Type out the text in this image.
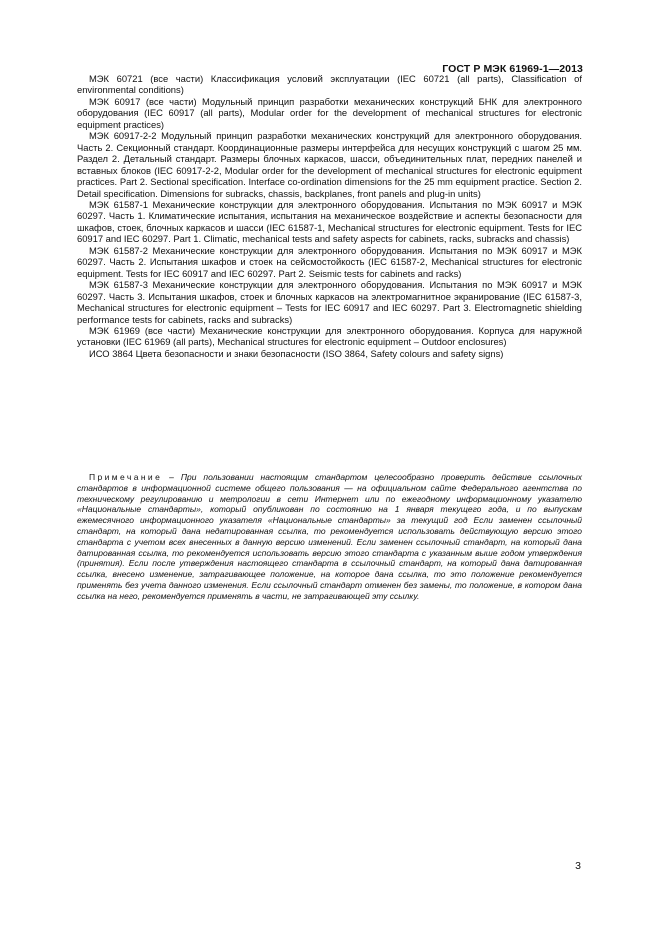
ГОСТ Р МЭК 61969-1—2013

МЭК 60721 (все части) Классификация условий эксплуатации (IEC 60721 (all parts), Classification of environmental conditions)

МЭК 60917 (все части) Модульный принцип разработки механических конструкций БНК для электронного оборудования (IEC 60917 (all parts), Modular order for the development of mechanical structures for electronic equipment practices)

МЭК 60917-2-2 Модульный принцип разработки механических конструкций для электронного оборудования. Часть 2. Секционный стандарт. Координационные размеры интерфейса для несущих конструкций с шагом 25 мм. Раздел 2. Детальный стандарт. Размеры блочных каркасов, шасси, объединительных плат, передних панелей и вставных блоков (IEC 60917-2-2, Modular order for the development of mechanical structures for electronic equipment practices. Part 2. Sectional specification. Interface co-ordination dimensions for the 25 mm equipment practice. Section 2. Detail specification. Dimensions for subracks, chassis, backplanes, front panels and plug-in units)

МЭК 61587-1 Механические конструкции для электронного оборудования. Испытания по МЭК 60917 и МЭК 60297. Часть 1. Климатические испытания, испытания на механическое воздействие и аспекты безопасности для шкафов, стоек, блочных каркасов и шасси (IEC 61587-1, Mechanical structures for electronic equipment. Tests for IEC 60917 and IEC 60297. Part 1. Climatic, mechanical tests and safety aspects for cabinets, racks, subracks and chassis)

МЭК 61587-2 Механические конструкции для электронного оборудования. Испытания по МЭК 60917 и МЭК 60297. Часть 2. Испытания шкафов и стоек на сейсмостойкость (IEC 61587-2, Mechanical structures for electronic equipment. Tests for IEC 60917 and IEC 60297. Part 2. Seismic tests for cabinets and racks)

МЭК 61587-3 Механические конструкции для электронного оборудования. Испытания по МЭК 60917 и МЭК 60297. Часть 3. Испытания шкафов, стоек и блочных каркасов на электромагнитное экранирование (IEC 61587-3, Mechanical structures for electronic equipment – Tests for IEC 60917 and IEC 60297. Part 3. Electromagnetic shielding performance tests for cabinets, racks and subracks)

МЭК 61969 (все части) Механические конструкции для электронного оборудования. Корпуса для наружной установки (IEC 61969 (all parts), Mechanical structures for electronic equipment – Outdoor enclosures)

ИСО 3864 Цвета безопасности и знаки безопасности (ISO 3864, Safety colours and safety signs)

Примечание – При пользовании настоящим стандартом целесообразно проверить действие ссылочных стандартов в информационной системе общего пользования — на официальном сайте Федерального агентства по техническому регулированию и метрологии в сети Интернет или по ежегодному информационному указателю «Национальные стандарты», который опубликован по состоянию на 1 января текущего года, и по выпускам ежемесячного информационного указателя «Национальные стандарты» за текущий год Если заменен ссылочный стандарт, на который дана недатированная ссылка, то рекомендуется использовать действующую версию этого стандарта с учетом всех внесенных в данную версию изменений. Если заменен ссылочный стандарт, на который дана датированная ссылка, то рекомендуется использовать версию этого стандарта с указанным выше годом утверждения (принятия). Если после утверждения настоящего стандарта в ссылочный стандарт, на который дана датированная ссылка, внесено изменение, затрагивающее положение, на которое дана ссылка, то это положение рекомендуется применять без учета данного изменения. Если ссылочный стандарт отменен без замены, то положение, в котором дана ссылка на него, рекомендуется применять в части, не затрагивающей эту ссылку.

3
